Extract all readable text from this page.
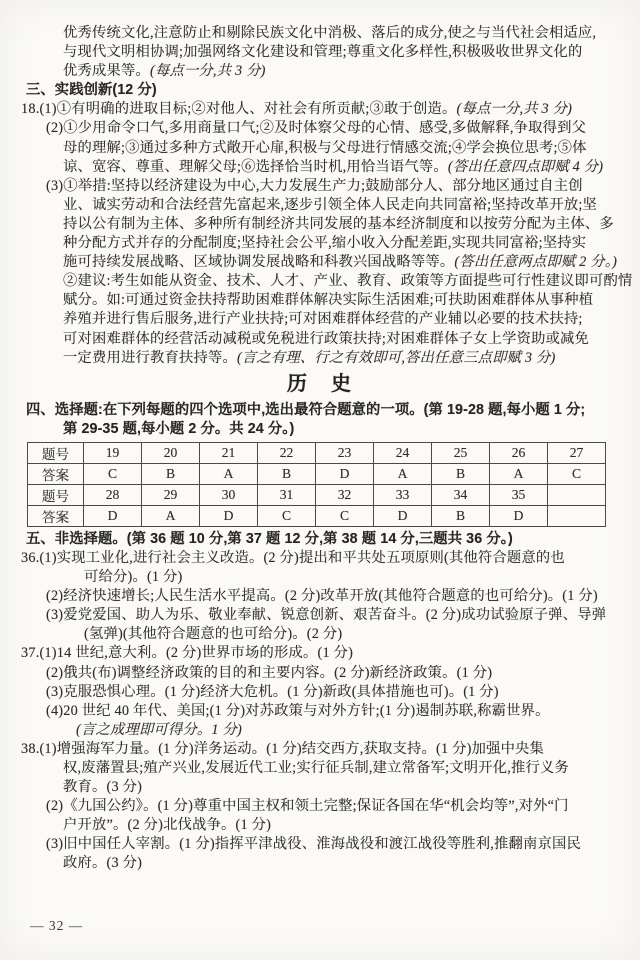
优秀传统文化,注意防止和剔除民族文化中消极、落后的成分,使之与当代社会相适应,
与现代文明相协调;加强网络文化建设和管理;尊重文化多样性,积极吸收世界文化的
优秀成果等。(每点一分,共 3 分)
三、实践创新(12 分)
18.(1)①有明确的进取目标;②对他人、对社会有所贡献;③敢于创造。(每点一分,共 3 分)
(2)①少用命令口气,多用商量口气;②及时体察父母的心情、感受,多做解释,争取得到父
母的理解;③通过多种方式敞开心扉,积极与父母进行情感交流;④学会换位思考;⑤体
谅、宽容、尊重、理解父母;⑥选择恰当时机,用恰当语气等。(答出任意四点即赋 4 分)
(3)①举措:坚持以经济建设为中心,大力发展生产力;鼓励部分人、部分地区通过自主创
业、诚实劳动和合法经营先富起来,逐步引领全体人民走向共同富裕;坚持改革开放;坚
持以公有制为主体、多种所有制经济共同发展的基本经济制度和以按劳分配为主体、多
种分配方式并存的分配制度;坚持社会公平,缩小收入分配差距,实现共同富裕;坚持实
施可持续发展战略、区域协调发展战略和科教兴国战略等等。(答出任意两点即赋 2 分。)
②建议:考生如能从资金、技术、人才、产业、教育、政策等方面提些可行性建议即可酌情
赋分。如:可通过资金扶持帮助困难群体解决实际生活困难;可扶助困难群体从事种植
养殖并进行售后服务,进行产业扶持;可对困难群体经营的产业辅以必要的技术扶持;
可对困难群体的经营活动减税或免税进行政策扶持;对困难群体子女上学资助或减免
一定费用进行教育扶持等。(言之有理、行之有效即可,答出任意三点即赋 3 分)
历　史
四、选择题:在下列每题的四个选项中,选出最符合题意的一项。(第 19-28 题,每小题 1 分;
第 29-35 题,每小题 2 分。共 24 分。)
题号	19	20	21	22	23	24	25	26	27
答案	C	B	A	B	D	A	B	A	C
题号	28	29	30	31	32	33	34	35	
答案	D	A	D	C	C	D	B	D	
五、非选择题。(第 36 题 10 分,第 37 题 12 分,第 38 题 14 分,三题共 36 分。)
36.(1)实现工业化,进行社会主义改造。(2 分)提出和平共处五项原则(其他符合题意的也
可给分)。(1 分)
(2)经济快速增长;人民生活水平提高。(2 分)改革开放(其他符合题意的也可给分)。(1 分)
(3)爱党爱国、助人为乐、敬业奉献、锐意创新、艰苦奋斗。(2 分)成功试验原子弹、导弹
(氢弹)(其他符合题意的也可给分)。(2 分)
37.(1)14 世纪,意大利。(2 分)世界市场的形成。(1 分)
(2)俄共(布)调整经济政策的目的和主要内容。(2 分)新经济政策。(1 分)
(3)克服恐惧心理。(1 分)经济大危机。(1 分)新政(具体措施也可)。(1 分)
(4)20 世纪 40 年代、美国;(1 分)对苏政策与对外方针;(1 分)遏制苏联,称霸世界。
(言之成理即可得分。1 分)
38.(1)增强海军力量。(1 分)洋务运动。(1 分)结交西方,获取支持。(1 分)加强中央集
权,废藩置县;殖产兴业,发展近代工业;实行征兵制,建立常备军;文明开化,推行义务
教育。(3 分)
(2)《九国公约》。(1 分)尊重中国主权和领土完整;保证各国在华“机会均等”,对外“门
户开放”。(2 分)北伐战争。(1 分)
(3)旧中国任人宰割。(1 分)指挥平津战役、淮海战役和渡江战役等胜利,推翻南京国民
政府。(3 分)
— 32 —
